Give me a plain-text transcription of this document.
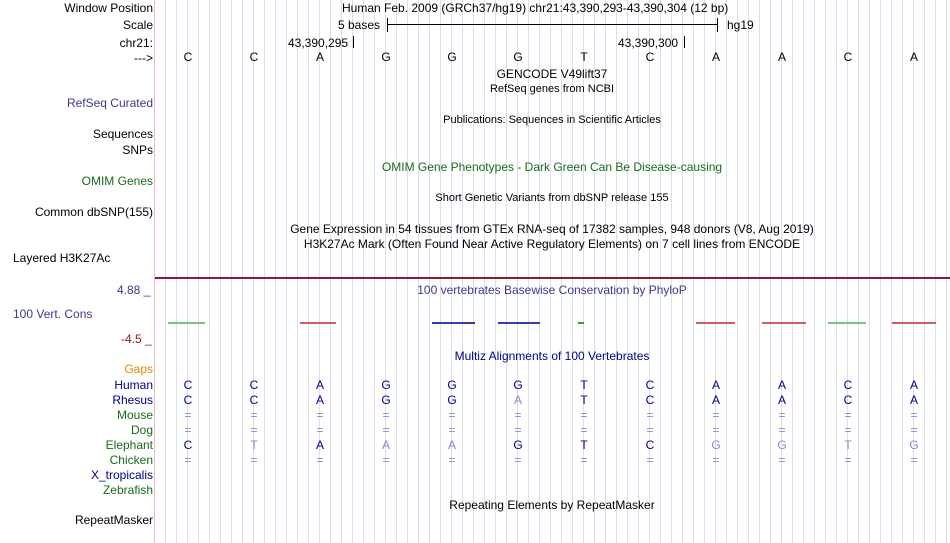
Window Position
Scale
chr21:
--->
Human Feb. 2009 (GRCh37/hg19) chr21:43,390,293-43,390,304 (12 bp)
5 bases	hg19
43,390,295	43,390,300
C	C	A	G	G	G	T	C	A	A	C	A
GENCODE V49lift37
RefSeq genes from NCBI
RefSeq Curated
Publications: Sequences in Scientific Articles
Sequences
SNPs
OMIM Gene Phenotypes - Dark Green Can Be Disease-causing
OMIM Genes
Short Genetic Variants from dbSNP release 155
Common dbSNP(155)
Gene Expression in 54 tissues from GTEx RNA-seq of 17382 samples, 948 donors (V8, Aug 2019)
H3K27Ac Mark (Often Found Near Active Regulatory Elements) on 7 cell lines from ENCODE
Layered H3K27Ac
4.88 _	100 vertebrates Basewise Conservation by PhyloP
100 Vert. Cons
-4.5 _
Multiz Alignments of 100 Vertebrates
Gaps
Human	C	C	A	G	G	G	T	C	A	A	C	A
Rhesus	C	C	A	G	G	A	T	C	A	A	C	A
Mouse	=	=	=	=	=	=	=	=	=	=	=	=
Dog	=	=	=	=	=	=	=	=	=	=	=	=
Elephant	C	T	A	A	A	G	T	C	G	G	T	G
Chicken	=	=	=	=	=	=	=	=	=	=	=	=
X_tropicalis
Zebrafish
Repeating Elements by RepeatMasker
RepeatMasker
